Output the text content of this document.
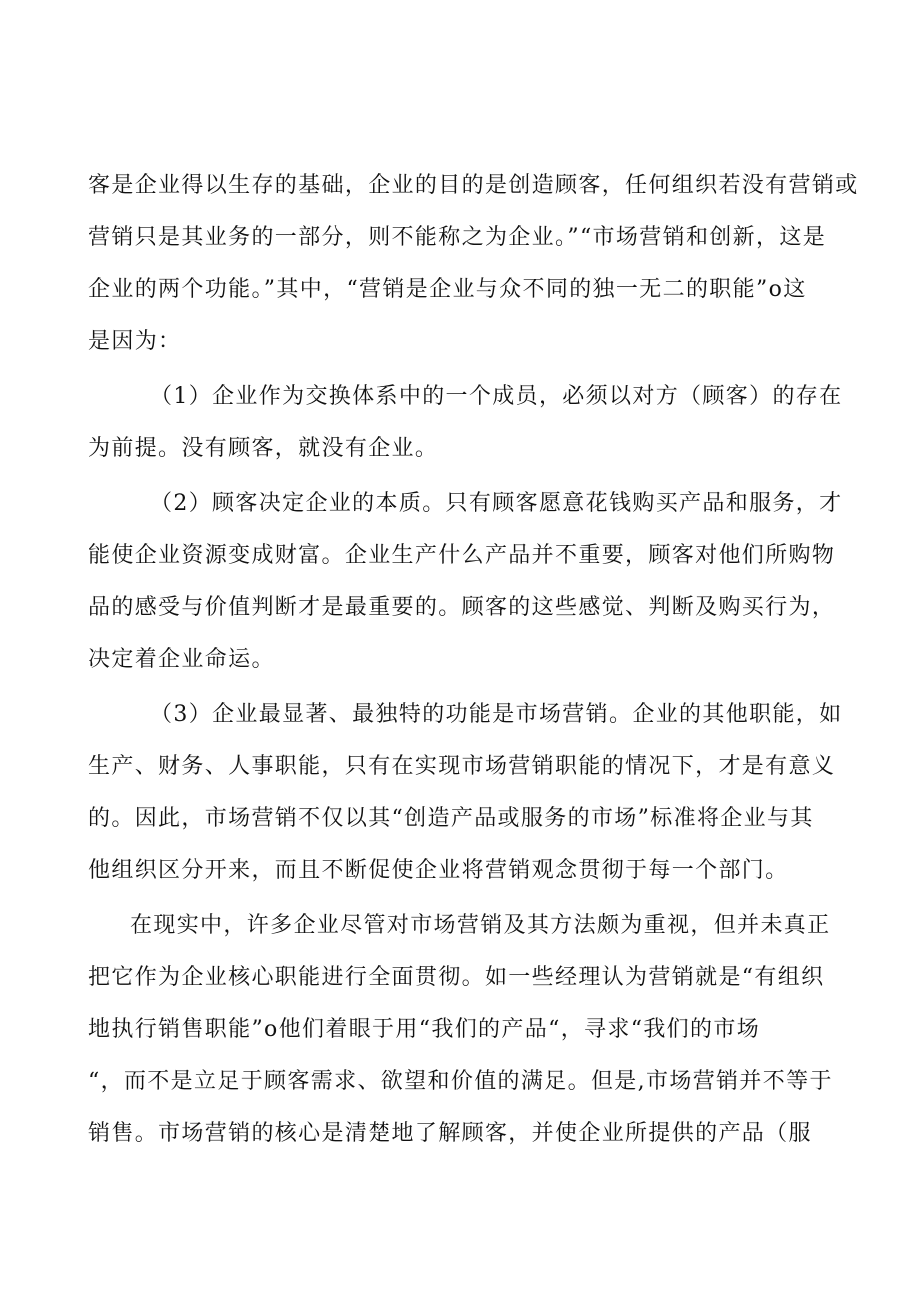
客是企业得以生存的基础，企业的目的是创造顾客，任何组织若没有营销或

营销只是其业务的一部分，则不能称之为企业。”“市场营销和创新，这是

企业的两个功能。”其中，“营销是企业与众不同的独一无二的职能”o这

是因为：

（1）企业作为交换体系中的一个成员，必须以对方（顾客）的存在

为前提。没有顾客，就没有企业。

（2）顾客决定企业的本质。只有顾客愿意花钱购买产品和服务，才

能使企业资源变成财富。企业生产什么产品并不重要，顾客对他们所购物

品的感受与价值判断才是最重要的。顾客的这些感觉、判断及购买行为，

决定着企业命运。

（3）企业最显著、最独特的功能是市场营销。企业的其他职能，如

生产、财务、人事职能，只有在实现市场营销职能的情况下，才是有意义

的。因此，市场营销不仅以其“创造产品或服务的市场”标准将企业与其

他组织区分开来，而且不断促使企业将营销观念贯彻于每一个部门。

在现实中，许多企业尽管对市场营销及其方法颇为重视，但并未真正

把它作为企业核心职能进行全面贯彻。如一些经理认为营销就是“有组织

地执行销售职能”o他们着眼于用“我们的产品“，寻求“我们的市场

“，而不是立足于顾客需求、欲望和价值的满足。但是,市场营销并不等于

销售。市场营销的核心是清楚地了解顾客，并使企业所提供的产品（服
